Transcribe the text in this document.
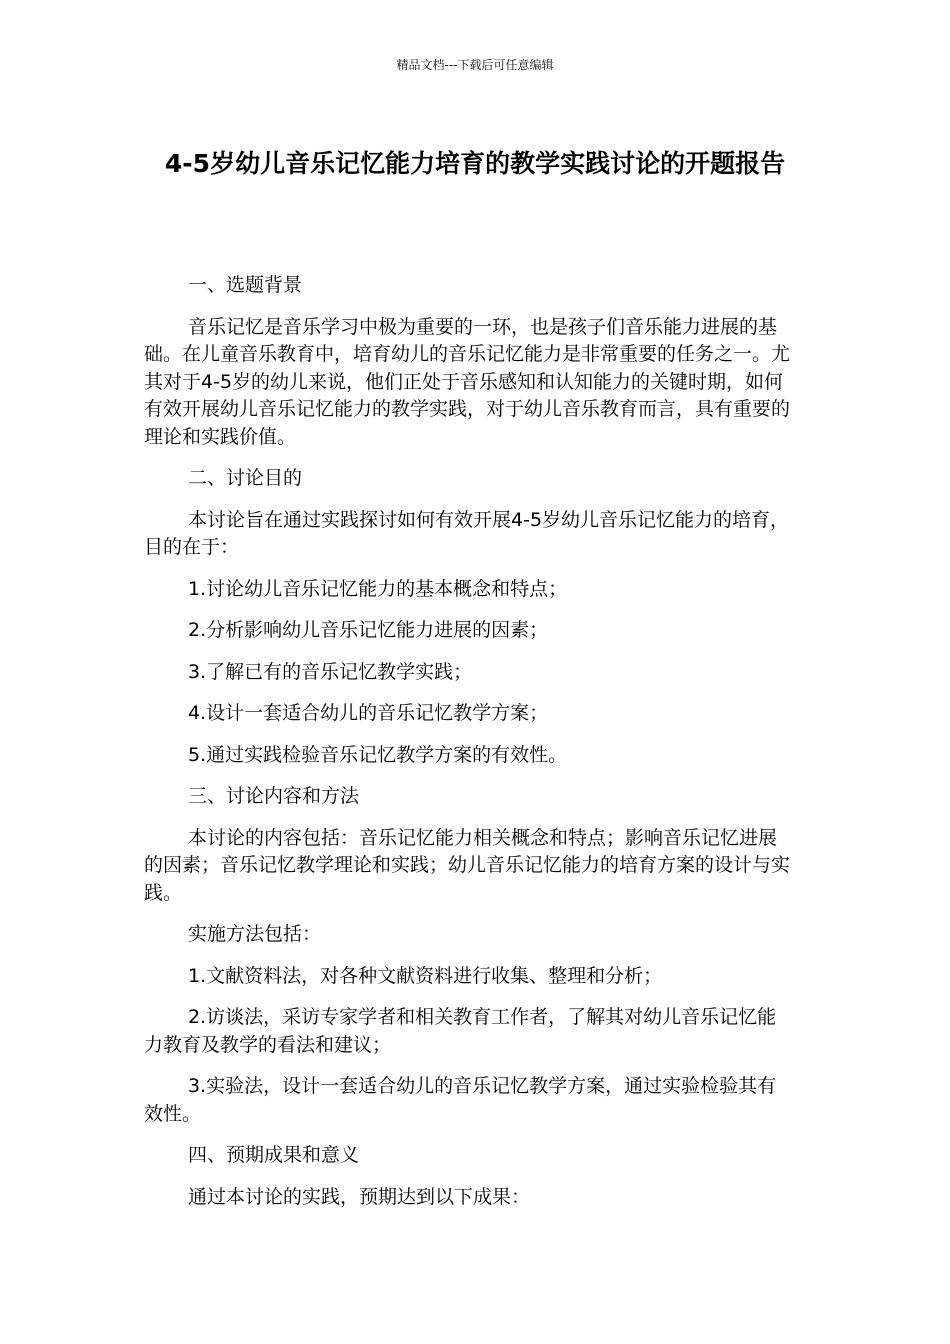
精品文档---下载后可任意编辑
4-5岁幼儿音乐记忆能力培育的教学实践讨论的开题报告

一、选题背景

音乐记忆是音乐学习中极为重要的一环，也是孩子们音乐能力进展的基础。在儿童音乐教育中，培育幼儿的音乐记忆能力是非常重要的任务之一。尤其对于4-5岁的幼儿来说，他们正处于音乐感知和认知能力的关键时期，如何有效开展幼儿音乐记忆能力的教学实践，对于幼儿音乐教育而言，具有重要的理论和实践价值。

二、讨论目的

本讨论旨在通过实践探讨如何有效开展4-5岁幼儿音乐记忆能力的培育，目的在于：

1.讨论幼儿音乐记忆能力的基本概念和特点；

2.分析影响幼儿音乐记忆能力进展的因素；

3.了解已有的音乐记忆教学实践；

4.设计一套适合幼儿的音乐记忆教学方案；

5.通过实践检验音乐记忆教学方案的有效性。

三、讨论内容和方法

本讨论的内容包括：音乐记忆能力相关概念和特点；影响音乐记忆进展的因素；音乐记忆教学理论和实践；幼儿音乐记忆能力的培育方案的设计与实践。

实施方法包括：

1.文献资料法，对各种文献资料进行收集、整理和分析；

2.访谈法，采访专家学者和相关教育工作者，了解其对幼儿音乐记忆能力教育及教学的看法和建议；

3.实验法，设计一套适合幼儿的音乐记忆教学方案，通过实验检验其有效性。

四、预期成果和意义

通过本讨论的实践，预期达到以下成果：
